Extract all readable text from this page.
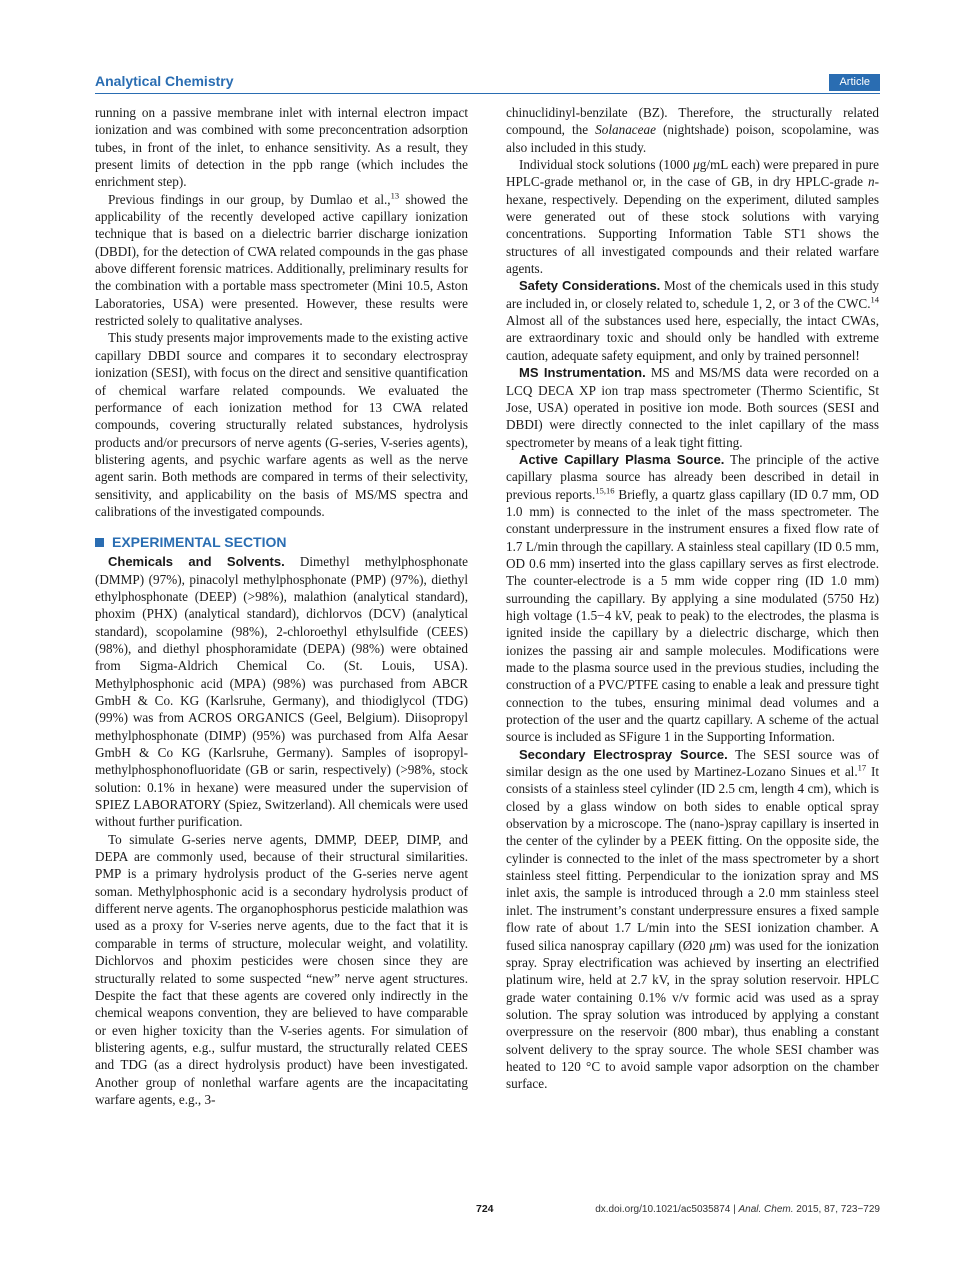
Analytical Chemistry	Article

running on a passive membrane inlet with internal electron impact ionization and was combined with some preconcentration adsorption tubes, in front of the inlet, to enhance sensitivity. As a result, they present limits of detection in the ppb range (which includes the enrichment step).

Previous findings in our group, by Dumlao et al.,$^{13}$ showed the applicability of the recently developed active capillary ionization technique that is based on a dielectric barrier discharge ionization (DBDI), for the detection of CWA related compounds in the gas phase above different forensic matrices. Additionally, preliminary results for the combination with a portable mass spectrometer (Mini 10.5, Aston Laboratories, USA) were presented. However, these results were restricted solely to qualitative analyses.

This study presents major improvements made to the existing active capillary DBDI source and compares it to secondary electrospray ionization (SESI), with focus on the direct and sensitive quantification of chemical warfare related compounds. We evaluated the performance of each ionization method for 13 CWA related compounds, covering structurally related substances, hydrolysis products and/or precursors of nerve agents (G-series, V-series agents), blistering agents, and psychic warfare agents as well as the nerve agent sarin. Both methods are compared in terms of their selectivity, sensitivity, and applicability on the basis of MS/MS spectra and calibrations of the investigated compounds.

EXPERIMENTAL SECTION

Chemicals and Solvents. Dimethyl methylphosphonate (DMMP) (97%), pinacolyl methylphosphonate (PMP) (97%), diethyl ethylphosphonate (DEEP) (>98%), malathion (analytical standard), phoxim (PHX) (analytical standard), dichlorvos (DCV) (analytical standard), scopolamine (98%), 2-chloroethyl ethylsulfide (CEES) (98%), and diethyl phosphoramidate (DEPA) (98%) were obtained from Sigma-Aldrich Chemical Co. (St. Louis, USA). Methylphosphonic acid (MPA) (98%) was purchased from ABCR GmbH & Co. KG (Karlsruhe, Germany), and thiodiglycol (TDG) (99%) was from ACROS ORGANICS (Geel, Belgium). Diisopropyl methylphosphonate (DIMP) (95%) was purchased from Alfa Aesar GmbH & Co KG (Karlsruhe, Germany). Samples of isopropyl-methylphosphonofluoridate (GB or sarin, respectively) (>98%, stock solution: 0.1% in hexane) were measured under the supervision of SPIEZ LABORATORY (Spiez, Switzerland). All chemicals were used without further purification.

To simulate G-series nerve agents, DMMP, DEEP, DIMP, and DEPA are commonly used, because of their structural similarities. PMP is a primary hydrolysis product of the G-series nerve agent soman. Methylphosphonic acid is a secondary hydrolysis product of different nerve agents. The organophosphorus pesticide malathion was used as a proxy for V-series nerve agents, due to the fact that it is comparable in terms of structure, molecular weight, and volatility. Dichlorvos and phoxim pesticides were chosen since they are structurally related to some suspected “new” nerve agent structures. Despite the fact that these agents are covered only indirectly in the chemical weapons convention, they are believed to have comparable or even higher toxicity than the V-series agents. For simulation of blistering agents, e.g., sulfur mustard, the structurally related CEES and TDG (as a direct hydrolysis product) have been investigated. Another group of nonlethal warfare agents are the incapacitating warfare agents, e.g., 3-

chinuclidinyl-benzilate (BZ). Therefore, the structurally related compound, the Solanaceae (nightshade) poison, scopolamine, was also included in this study.

Individual stock solutions (1000 μg/mL each) were prepared in pure HPLC-grade methanol or, in the case of GB, in dry HPLC-grade n-hexane, respectively. Depending on the experiment, diluted samples were generated out of these stock solutions with varying concentrations. Supporting Information Table ST1 shows the structures of all investigated compounds and their related warfare agents.

Safety Considerations. Most of the chemicals used in this study are included in, or closely related to, schedule 1, 2, or 3 of the CWC.$^{14}$ Almost all of the substances used here, especially, the intact CWAs, are extraordinary toxic and should only be handled with extreme caution, adequate safety equipment, and only by trained personnel!

MS Instrumentation. MS and MS/MS data were recorded on a LCQ DECA XP ion trap mass spectrometer (Thermo Scientific, St Jose, USA) operated in positive ion mode. Both sources (SESI and DBDI) were directly connected to the inlet capillary of the mass spectrometer by means of a leak tight fitting.

Active Capillary Plasma Source. The principle of the active capillary plasma source has already been described in detail in previous reports.$^{15,16}$ Briefly, a quartz glass capillary (ID 0.7 mm, OD 1.0 mm) is connected to the inlet of the mass spectrometer. The constant underpressure in the instrument ensures a fixed flow rate of 1.7 L/min through the capillary. A stainless steal capillary (ID 0.5 mm, OD 0.6 mm) inserted into the glass capillary serves as first electrode. The counter-electrode is a 5 mm wide copper ring (ID 1.0 mm) surrounding the capillary. By applying a sine modulated (5750 Hz) high voltage (1.5−4 kV, peak to peak) to the electrodes, the plasma is ignited inside the capillary by a dielectric discharge, which then ionizes the passing air and sample molecules. Modifications were made to the plasma source used in the previous studies, including the construction of a PVC/PTFE casing to enable a leak and pressure tight connection to the tubes, ensuring minimal dead volumes and a protection of the user and the quartz capillary. A scheme of the actual source is included as SFigure 1 in the Supporting Information.

Secondary Electrospray Source. The SESI source was of similar design as the one used by Martinez-Lozano Sinues et al.$^{17}$ It consists of a stainless steel cylinder (ID 2.5 cm, length 4 cm), which is closed by a glass window on both sides to enable optical spray observation by a microscope. The (nano-)spray capillary is inserted in the center of the cylinder by a PEEK fitting. On the opposite side, the cylinder is connected to the inlet of the mass spectrometer by a short stainless steel fitting. Perpendicular to the ionization spray and MS inlet axis, the sample is introduced through a 2.0 mm stainless steel inlet. The instrument’s constant underpressure ensures a fixed sample flow rate of about 1.7 L/min into the SESI ionization chamber. A fused silica nanospray capillary (Ø20 μm) was used for the ionization spray. Spray electrification was achieved by inserting an electrified platinum wire, held at 2.7 kV, in the spray solution reservoir. HPLC grade water containing 0.1% v/v formic acid was used as a spray solution. The spray solution was introduced by applying a constant overpressure on the reservoir (800 mbar), thus enabling a constant solvent delivery to the spray source. The whole SESI chamber was heated to 120 °C to avoid sample vapor adsorption on the chamber surface.

724	dx.doi.org/10.1021/ac5035874 | Anal. Chem. 2015, 87, 723−729
